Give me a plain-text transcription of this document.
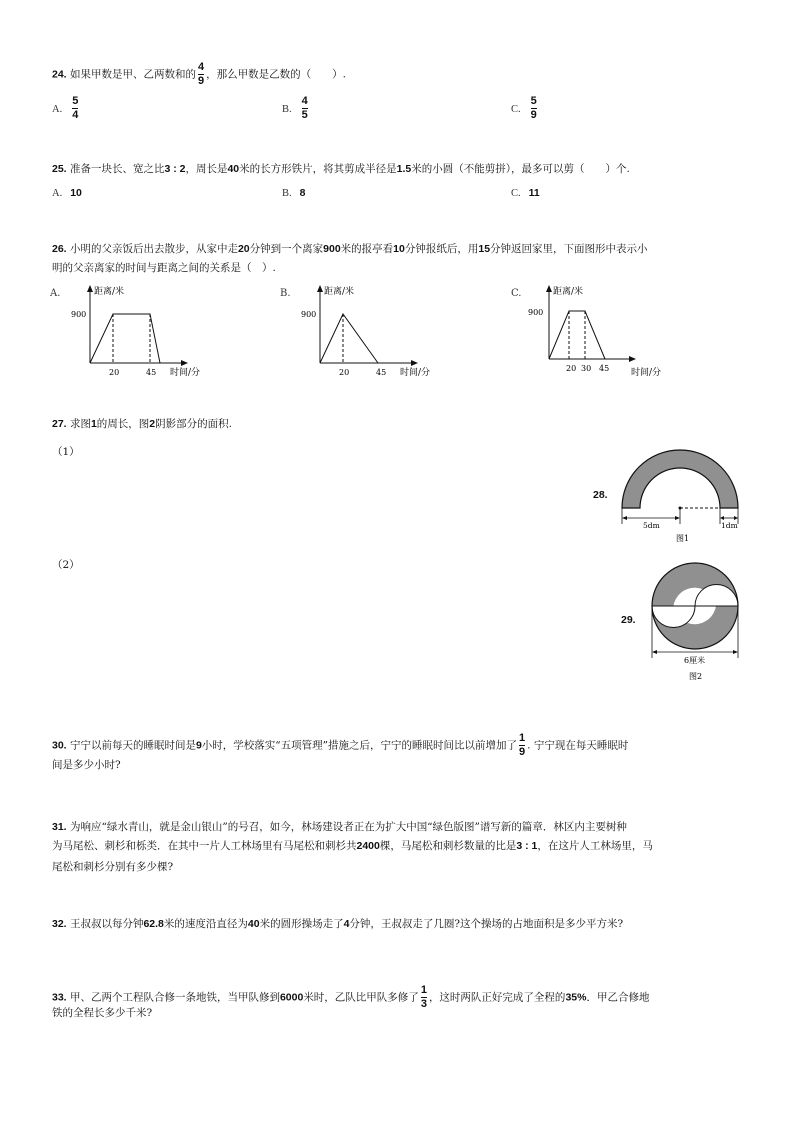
24. 如果甲数是甲、乙两数和的 $\frac{4}{9}$ ，那么甲数是乙数的（　　）.
A. $\frac{5}{4}$	B. $\frac{4}{5}$	C. $\frac{5}{9}$
25. 准备一块长、宽之比3 : 2，周长是40米的长方形铁片，将其剪成半径是1.5米的小圆（不能剪拼），最多可以剪（　　）个.
A. 10	B. 8	C. 11
26. 小明的父亲饭后出去散步，从家中走20分钟到一个离家900米的报亭看10分钟报纸后，用15分钟返回家里，下面图形中表示小
明的父亲离家的时间与距离之间的关系是（　）.
A.	距离/米
时间/分
900
20	45
B.	距离/米
时间/分
900
20	45
C.	距离/米
时间/分
900
20 30 45
27. 求图1的周长，图2阴影部分的面积.
（1）
（2）
28.
5dm	1dm
图1
29.
6厘米
图2
30. 宁宁以前每天的睡眠时间是9小时，学校落实“五项管理”措施之后，宁宁的睡眠时间比以前增加了 $\frac{1}{9}$ . 宁宁现在每天睡眠时
间是多少小时?
31. 为响应“绿水青山，就是金山银山”的号召，如今，林场建设者正在为扩大中国“绿色版图”谱写新的篇章．林区内主要树种
为马尾松、刺杉和栎类．在其中一片人工林场里有马尾松和刺杉共2400棵，马尾松和刺杉数量的比是3 : 1，在这片人工林场里，马
尾松和刺杉分别有多少棵?
32. 王叔叔以每分钟62.8米的速度沿直径为40米的圆形操场走了4分钟，王叔叔走了几圈?这个操场的占地面积是多少平方米?
33. 甲、乙两个工程队合修一条地铁，当甲队修到6000米时，乙队比甲队多修了 $\frac{1}{3}$ ，这时两队正好完成了全程的35%．甲乙合修地
铁的全程长多少千米?
